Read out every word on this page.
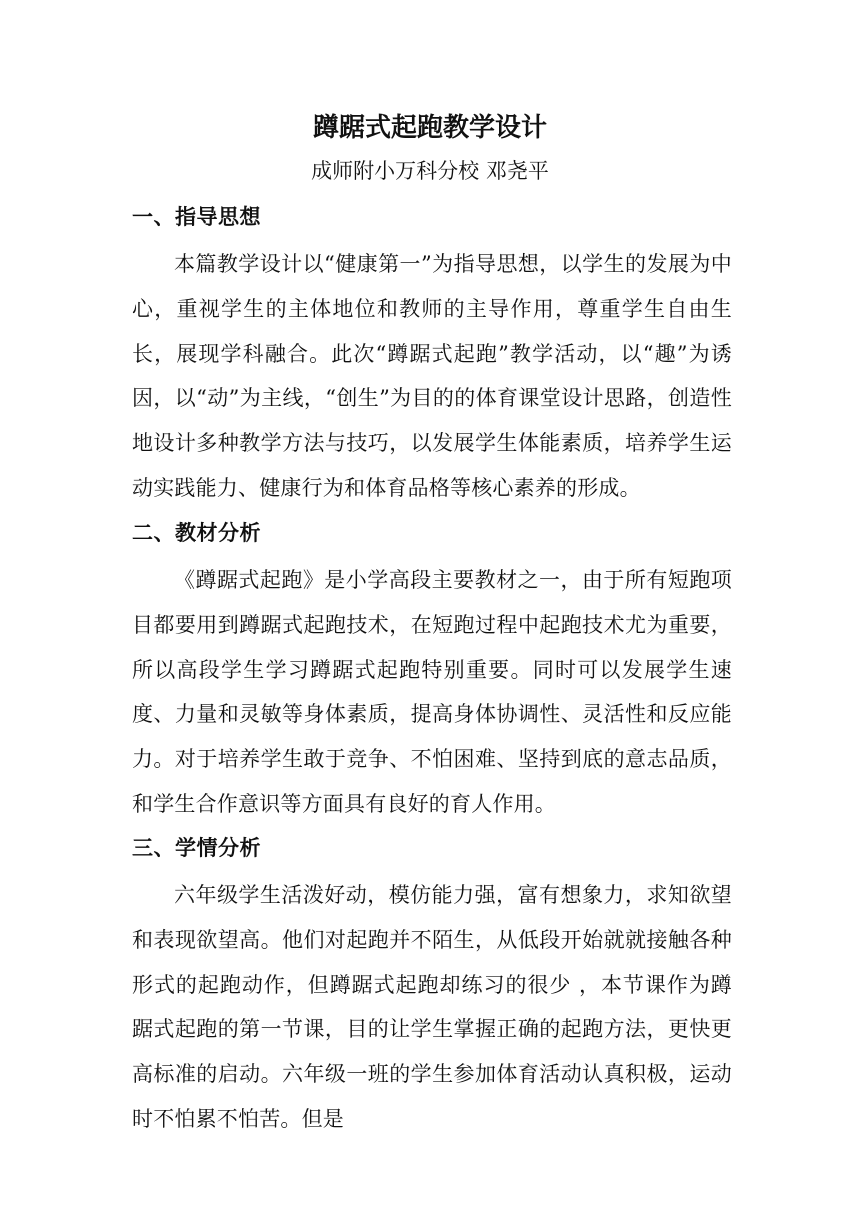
蹲踞式起跑教学设计

成师附小万科分校 邓尧平

一、指导思想

本篇教学设计以“健康第一”为指导思想，以学生的发展为中心，重视学生的主体地位和教师的主导作用，尊重学生自由生长，展现学科融合。此次“蹲踞式起跑”教学活动，以“趣”为诱因，以“动”为主线，“创生”为目的的体育课堂设计思路，创造性地设计多种教学方法与技巧，以发展学生体能素质，培养学生运动实践能力、健康行为和体育品格等核心素养的形成。

二、教材分析

《蹲踞式起跑》是小学高段主要教材之一，由于所有短跑项目都要用到蹲踞式起跑技术，在短跑过程中起跑技术尤为重要，所以高段学生学习蹲踞式起跑特别重要。同时可以发展学生速度、力量和灵敏等身体素质，提高身体协调性、灵活性和反应能力。对于培养学生敢于竞争、不怕困难、坚持到底的意志品质，和学生合作意识等方面具有良好的育人作用。

三、学情分析

六年级学生活泼好动，模仿能力强，富有想象力，求知欲望和表现欲望高。他们对起跑并不陌生，从低段开始就就接触各种形式的起跑动作，但蹲踞式起跑却练习的很少 ，本节课作为蹲踞式起跑的第一节课，目的让学生掌握正确的起跑方法，更快更高标准的启动。六年级一班的学生参加体育活动认真积极，运动时不怕累不怕苦。但是
